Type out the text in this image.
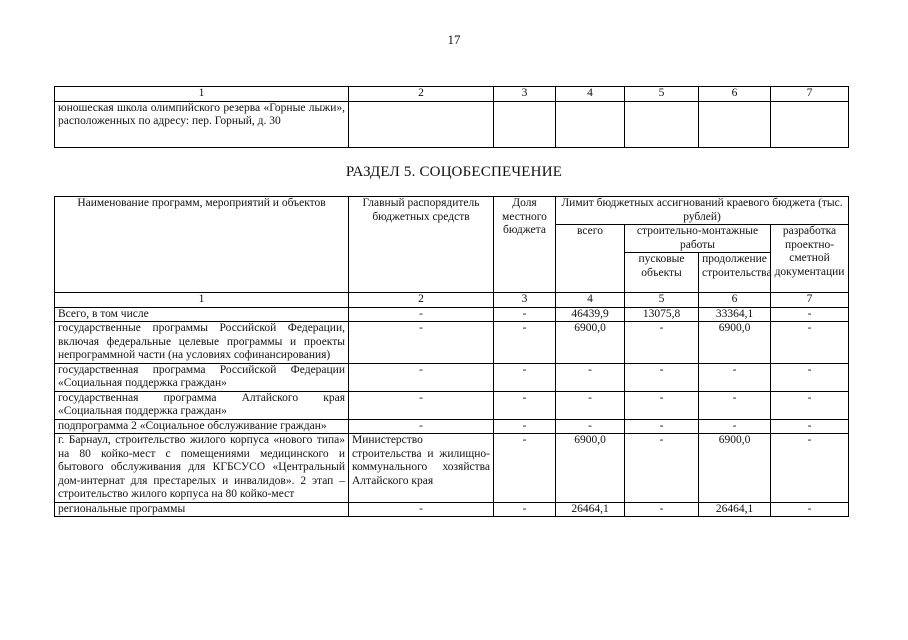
17
1	2	3	4	5	6	7
юношеская школа олимпийского резерва «Горные лыжи», расположенных по адресу: пер. Горный, д. 30						
РАЗДЕЛ 5. СОЦОБЕСПЕЧЕНИЕ
Наименование программ, мероприятий и объектов	Главный распорядитель бюджетных средств	Доля местного бюджета	Лимит бюджетных ассигнований краевого бюджета (тыс. рублей)			
			всего	строительно-монтажные работы		разработка проектно-сметной документации
				пусковые объекты	продолжение строительства	
1	2	3	4	5	6	7
Всего, в том числе	-	-	46439,9	13075,8	33364,1	-
государственные программы Российской Федерации, включая федеральные целевые программы и проекты непрограммной части (на условиях софинансирования)	-	-	6900,0	-	6900,0	-
государственная программа Российской Федерации «Социальная поддержка граждан»	-	-	-	-	-	-
государственная программа Алтайского края «Социальная поддержка граждан»	-	-	-	-	-	-
подпрограмма 2 «Социальное обслуживание граждан»	-	-	-	-	-	-
г. Барнаул, строительство жилого корпуса «нового типа» на 80 койко-мест с помещениями медицинского и бытового обслуживания для КГБСУСО «Центральный дом-интернат для престарелых и инвалидов». 2 этап – строительство жилого корпуса на 80 койко-мест	Министерство строительства и жилищно-коммунального хозяйства Алтайского края	-	6900,0	-	6900,0	-
региональные программы	-	-	26464,1	-	26464,1	-
